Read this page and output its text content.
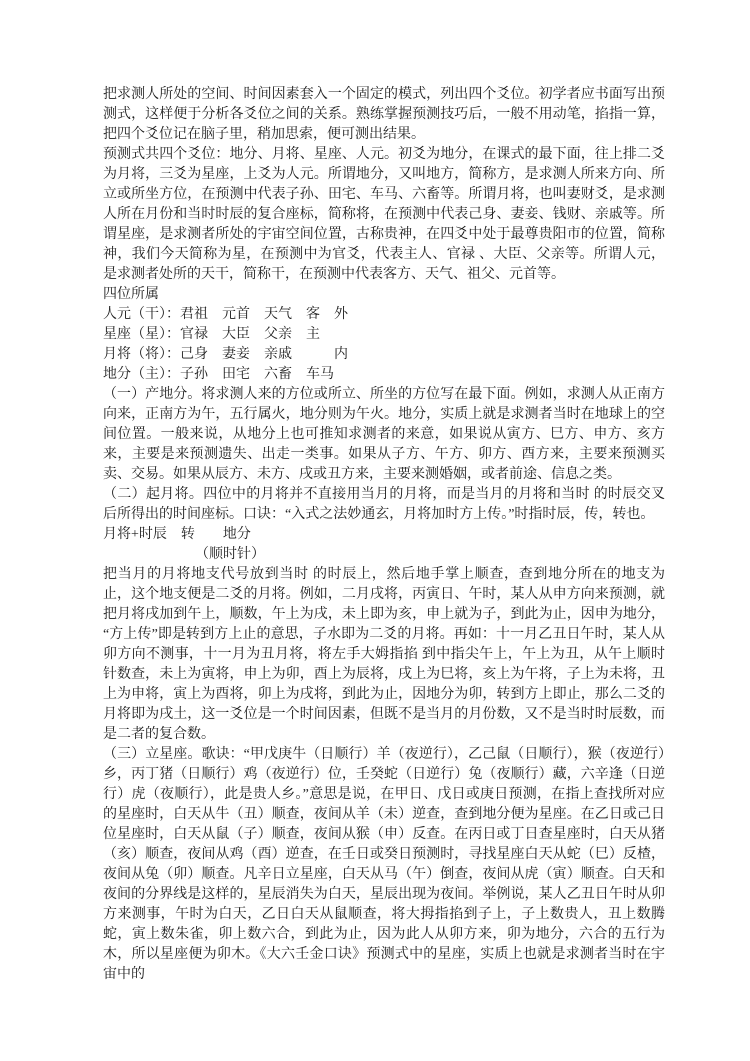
把求测人所处的空间、时间因素套入一个固定的模式，列出四个爻位。初学者应书面写出预测式，这样便于分析各爻位之间的关系。熟练掌握预测技巧后，一般不用动笔，掐指一算，把四个爻位记在脑子里，稍加思索，便可测出结果。

预测式共四个爻位：地分、月将、星座、人元。初爻为地分，在课式的最下面，往上排二爻为月将，三爻为星座，上爻为人元。所谓地分，又叫地方，简称方，是求测人所来方向、所立或所坐方位，在预测中代表子孙、田宅、车马、六畜等。所谓月将，也叫妻财爻，是求测人所在月份和当时时辰的复合座标，简称将，在预测中代表己身、妻妾、钱财、亲戚等。所谓星座，是求测者所处的宇宙空间位置，古称贵神，在四爻中处于最尊贵阳市的位置，简称神，我们今天简称为星，在预测中为官爻，代表主人、官禄 、大臣、父亲等。所谓人元，是求测者处所的天干，简称干，在预测中代表客方、天气、祖父、元首等。

四位所属

人元（干）：君祖　元首　天气　客　外

星座（星）：官禄　大臣　父亲　主

月将（将）：己身　妻妾　亲戚　　　内

地分（主）：子孙　田宅　六畜　车马

（一）产地分。将求测人来的方位或所立、所坐的方位写在最下面。例如，求测人从正南方向来，正南方为午，五行属火，地分则为午火。地分，实质上就是求测者当时在地球上的空间位置。一般来说，从地分上也可推知求测者的来意，如果说从寅方、巳方、申方、亥方来，主要是来预测遗失、出走一类事。如果从子方、午方、卯方、酉方来，主要来预测买卖、交易。如果从辰方、未方、戌或丑方来，主要来测婚姻，或者前途、信息之类。

（二）起月将。四位中的月将并不直接用当月的月将，而是当月的月将和当时 的时辰交叉后所得出的时间座标。口诀：“入式之法妙通玄，月将加时方上传。”时指时辰，传，转也。

月将+时辰　转　　地分

（顺时针）

把当月的月将地支代号放到当时 的时辰上，然后地手掌上顺查，查到地分所在的地支为止，这个地支便是二爻的月将。例如，二月戌将，丙寅日、午时，某人从申方向来预测，就把月将戌加到午上，顺数，午上为戌，未上即为亥，申上就为子，到此为止，因申为地分，“方上传”即是转到方上止的意思，子水即为二爻的月将。再如：十一月乙丑日午时，某人从卯方向不测事，十一月为丑月将，将左手大姆指掐 到中指尖午上，午上为丑，从午上顺时针数查，未上为寅将，申上为卯，酉上为辰将，戌上为巳将，亥上为午将，子上为未将，丑上为申将，寅上为酉将，卯上为戌将，到此为止，因地分为卯，转到方上即止，那么二爻的月将即为戌土，这一爻位是一个时间因素，但既不是当月的月份数，又不是当时时辰数，而是二者的复合数。

（三）立星座。歌诀：“甲戊庚牛（日顺行）羊（夜逆行），乙己鼠（日顺行），猴（夜逆行）乡，丙丁猪（日顺行）鸡（夜逆行）位，壬癸蛇（日逆行）兔（夜顺行）藏，六辛逢（日逆行）虎（夜顺行），此是贵人乡。”意思是说，在甲日、戊日或庚日预测，在指上查找所对应的星座时，白天从牛（丑）顺查，夜间从羊（未）逆查，查到地分便为星座。在乙日或己日位星座时，白天从鼠（子）顺查，夜间从猴（申）反查。在丙日或丁日查星座时，白天从猪（亥）顺查，夜间从鸡（酉）逆查，在壬日或癸日预测时，寻找星座白天从蛇（巳）反楂，夜间从兔（卯）顺查。凡辛日立星座，白天从马（午）倒查，夜间从虎（寅）顺查。白天和夜间的分界线是这样的，星辰消失为白天，星辰出现为夜间。举例说，某人乙丑日午时从卯方来测事，午时为白天，乙日白天从鼠顺查，将大拇指掐到子上，子上数贵人，丑上数腾蛇，寅上数朱雀，卯上数六合，到此为止，因为此人从卯方来，卯为地分，六合的五行为木，所以星座便为卯木。《大六壬金口诀》预测式中的星座，实质上也就是求测者当时在宇宙中的
